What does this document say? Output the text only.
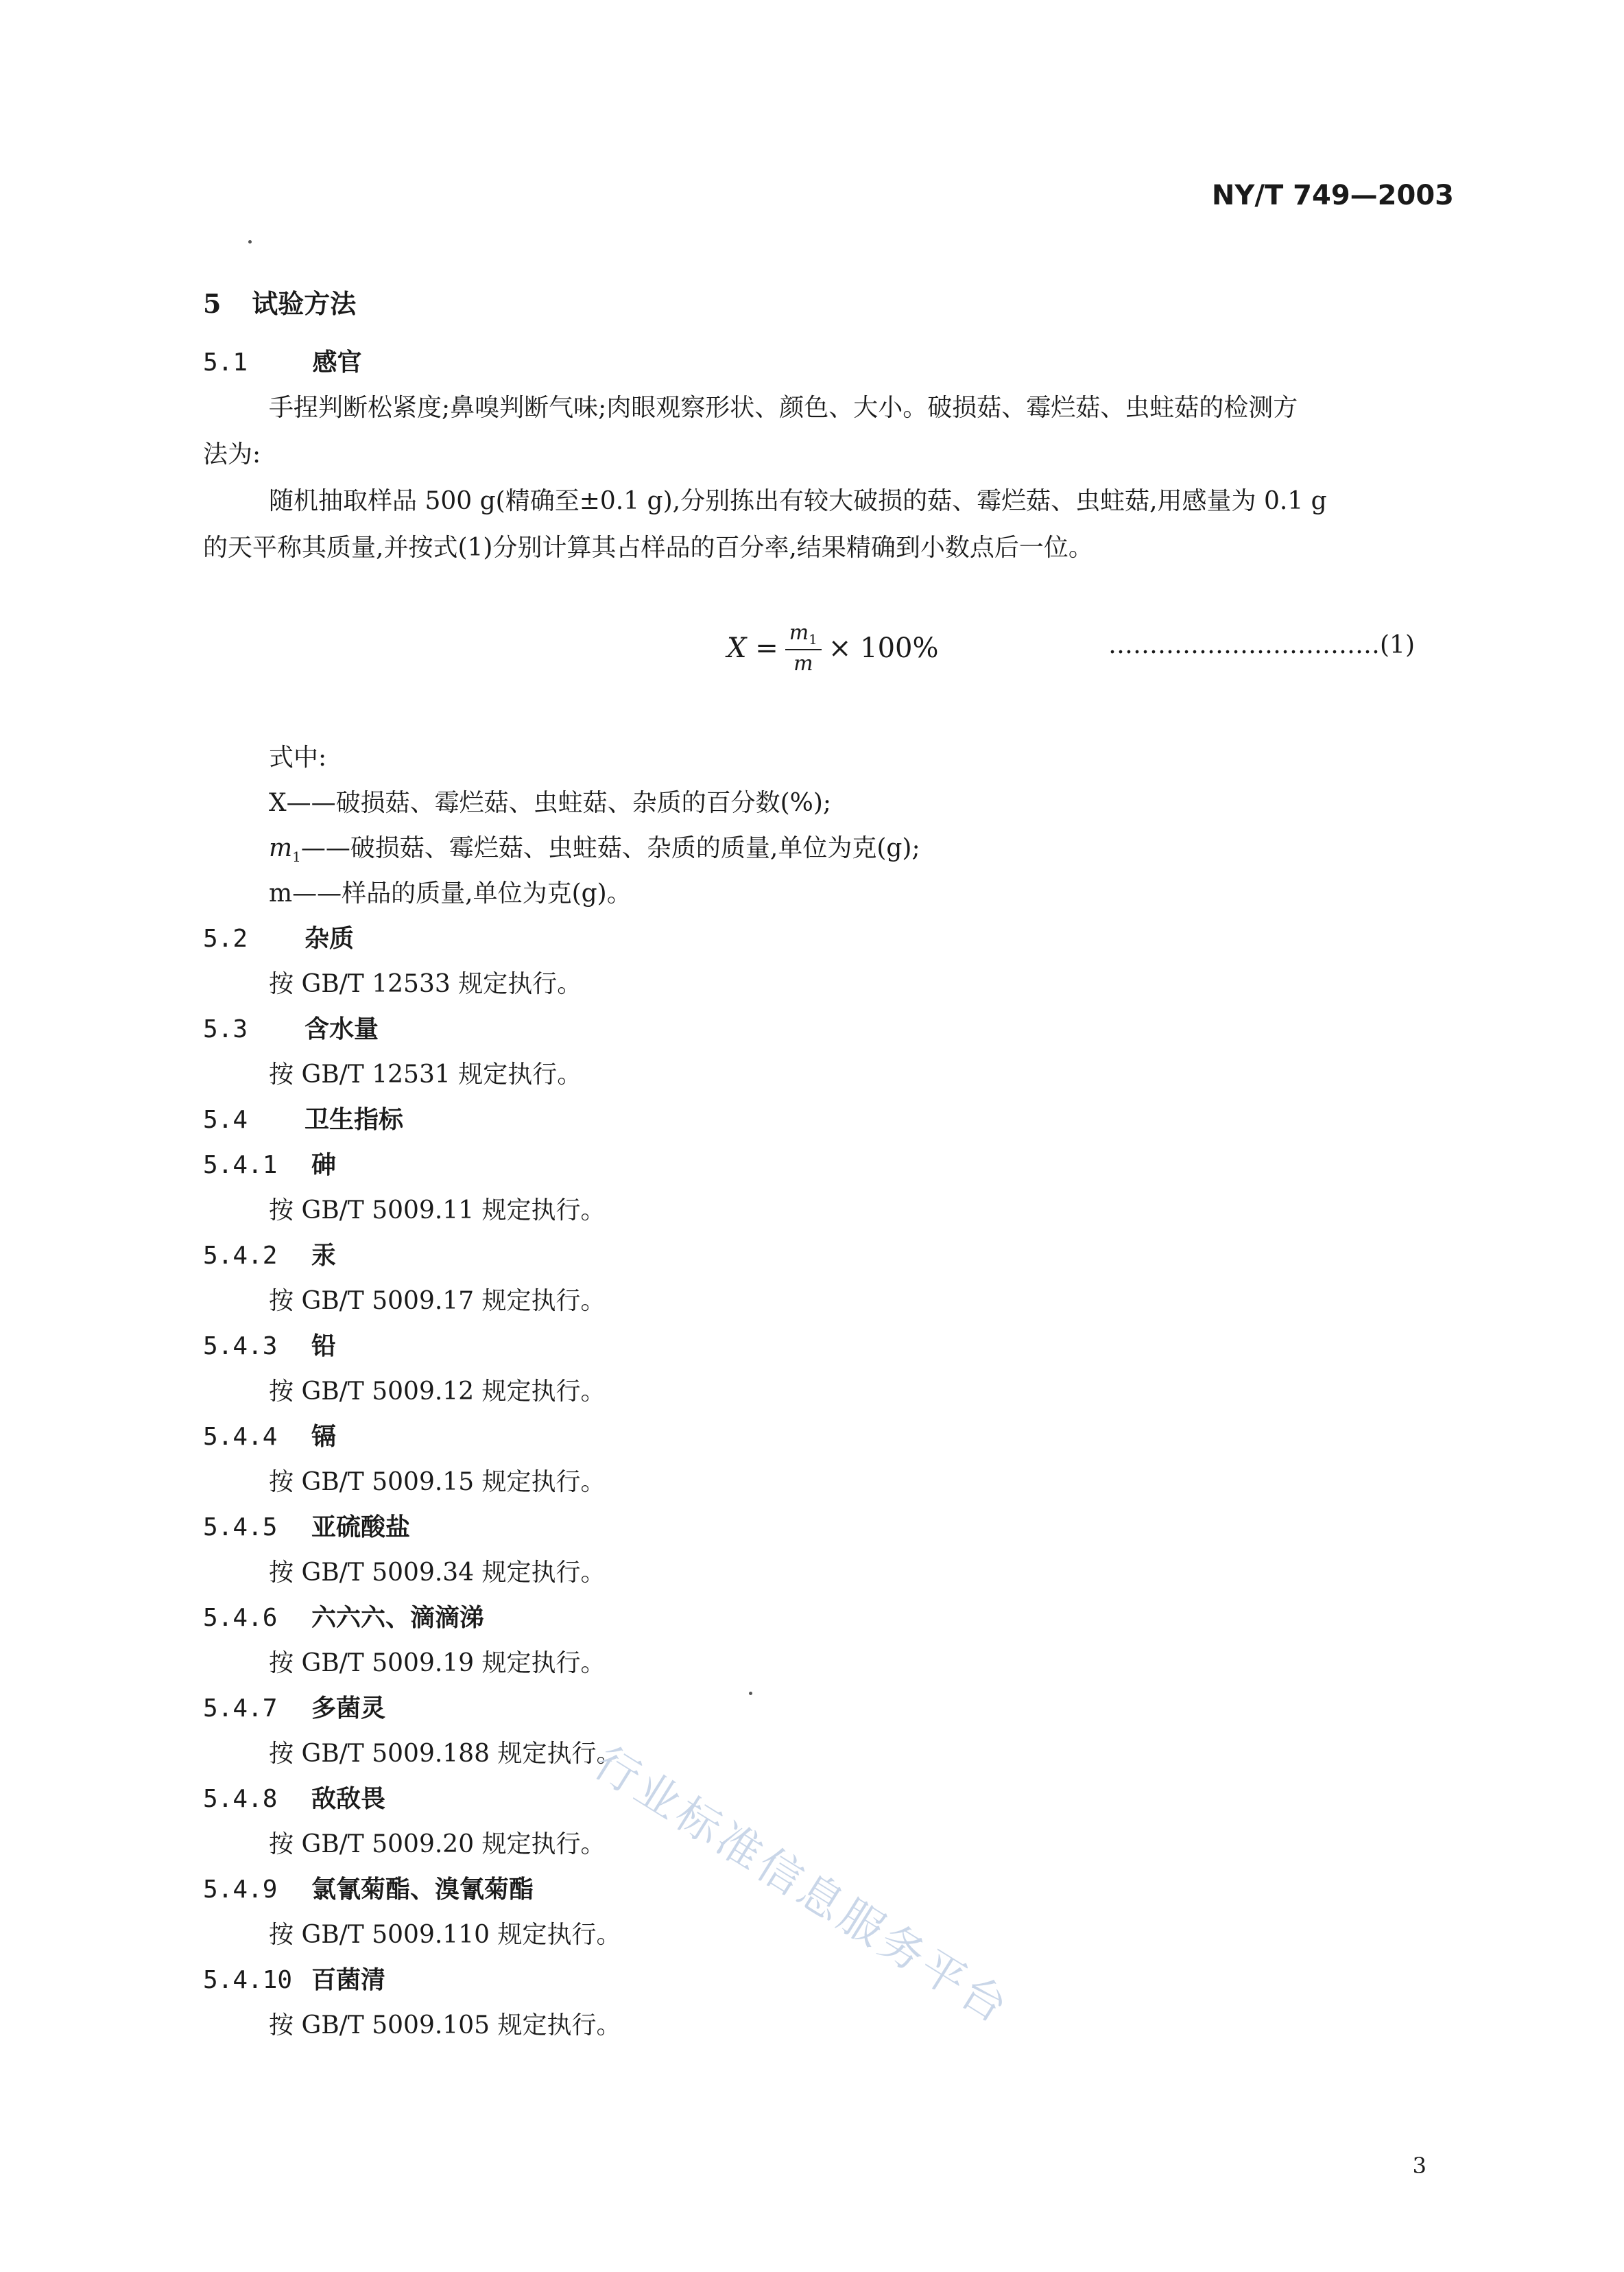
NY/T 749—2003
5 试验方法
5.1	感官
手捏判断松紧度;鼻嗅判断气味;肉眼观察形状、颜色、大小。破损菇、霉烂菇、虫蛀菇的检测方
法为:
随机抽取样品 500 g(精确至±0.1 g),分别拣出有较大破损的菇、霉烂菇、虫蛀菇,用感量为 0.1 g
的天平称其质量,并按式(1)分别计算其占样品的百分率,结果精确到小数点后一位。
$X = \frac{m_1}{m} \times 100\%$	……………………………(1)
式中:
X——破损菇、霉烂菇、虫蛀菇、杂质的百分数(%);
$m_1——$破损菇、霉烂菇、虫蛀菇、杂质的质量,单位为克(g);
m——样品的质量,单位为克(g)。
5.2 杂质
按 GB/T 12533 规定执行。
5.3 含水量
按 GB/T 12531 规定执行。
5.4 卫生指标
5.4.1 砷
按 GB/T 5009.11 规定执行。
5.4.2 汞
按 GB/T 5009.17 规定执行。
5.4.3 铅
按 GB/T 5009.12 规定执行。
5.4.4 镉
按 GB/T 5009.15 规定执行。
5.4.5 亚硫酸盐
按 GB/T 5009.34 规定执行。
5.4.6 六六六、滴滴涕
按 GB/T 5009.19 规定执行。
5.4.7 多菌灵
按 GB/T 5009.188 规定执行。
5.4.8 敌敌畏
按 GB/T 5009.20 规定执行。
5.4.9 氯氰菊酯、溴氰菊酯
按 GB/T 5009.110 规定执行。
5.4.10 百菌清
按 GB/T 5009.105 规定执行。
行业标准信息服务平台
3
